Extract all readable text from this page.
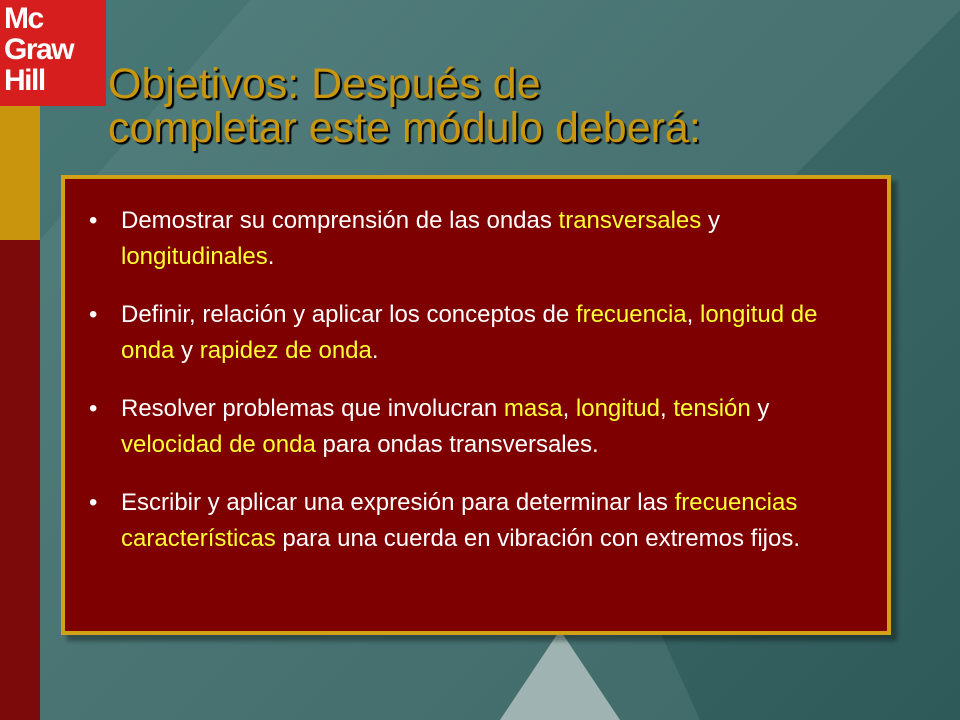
Mc
Graw
Hill	Objetivos: Después de
completar este módulo deberá:
• Demostrar su comprensión de las ondas transversales y longitudinales.
• Definir, relación y aplicar los conceptos de frecuencia, longitud de onda y rapidez de onda.
• Resolver problemas que involucran masa, longitud, tensión y velocidad de onda para ondas transversales.
• Escribir y aplicar una expresión para determinar las frecuencias características para una cuerda en vibración con extremos fijos.
